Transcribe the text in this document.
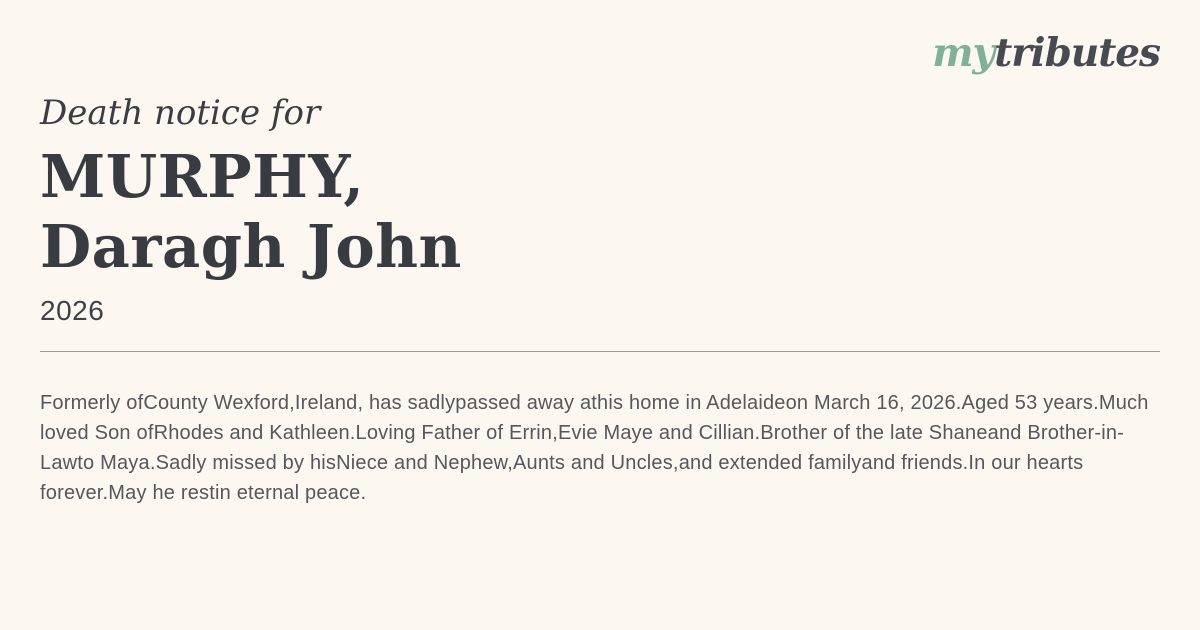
mytributes
Death notice for
MURPHY,
Daragh John
2026

Formerly ofCounty Wexford,Ireland, has sadlypassed away athis home in Adelaideon March 16, 2026.Aged 53 years.Much loved Son ofRhodes and Kathleen.Loving Father of Errin,Evie Maye and Cillian.Brother of the late Shaneand Brother-in-Lawto Maya.Sadly missed by hisNiece and Nephew,Aunts and Uncles,and extended familyand friends.In our hearts forever.May he restin eternal peace.
